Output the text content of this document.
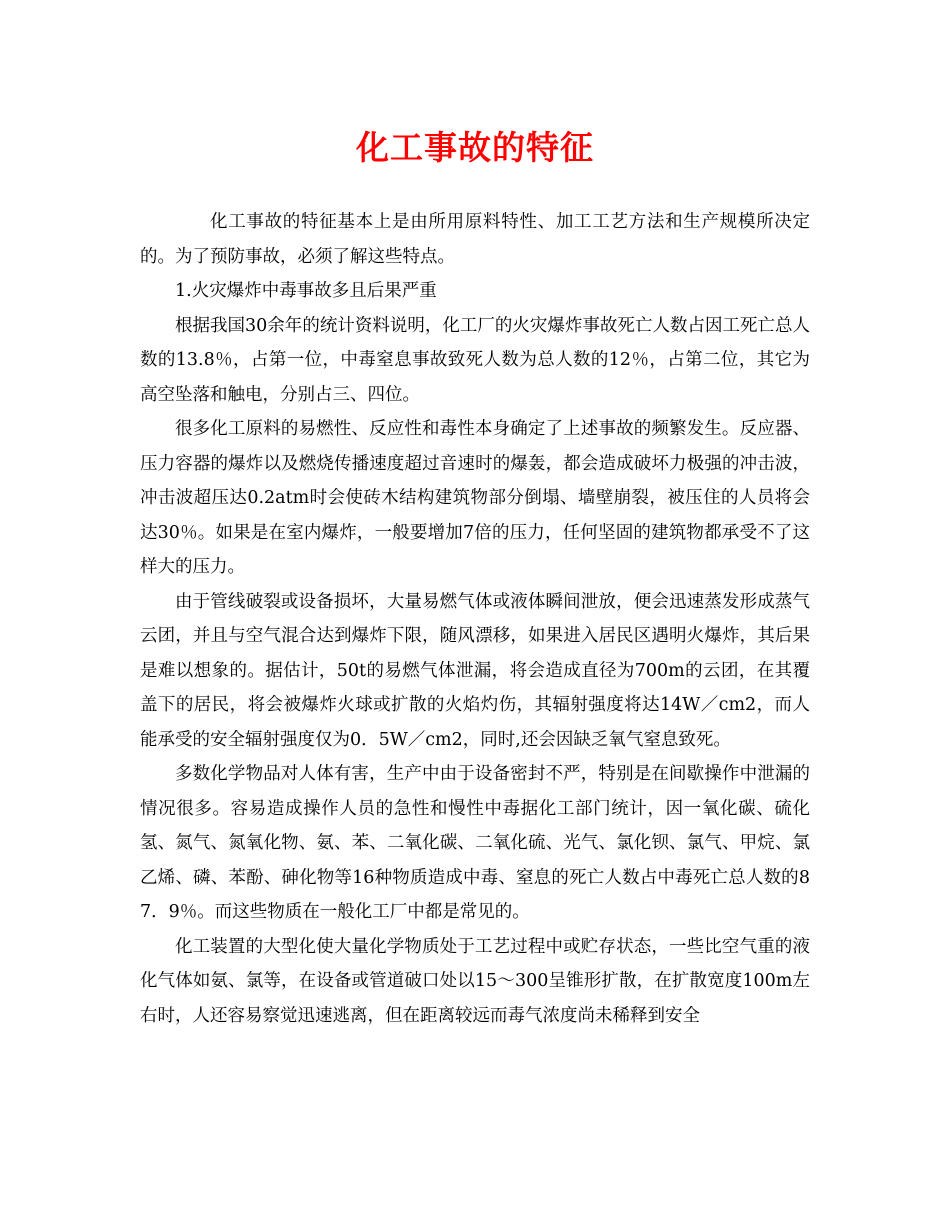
化工事故的特征

化工事故的特征基本上是由所用原料特性、加工工艺方法和生产规模所决定的。为了预防事故，必须了解这些特点。

1.火灾爆炸中毒事故多且后果严重

根据我国30余年的统计资料说明，化工厂的火灾爆炸事故死亡人数占因工死亡总人数的13.8％，占第一位，中毒窒息事故致死人数为总人数的12％，占第二位，其它为高空坠落和触电，分别占三、四位。

很多化工原料的易燃性、反应性和毒性本身确定了上述事故的频繁发生。反应器、压力容器的爆炸以及燃烧传播速度超过音速时的爆轰，都会造成破坏力极强的冲击波，冲击波超压达0.2atm时会使砖木结构建筑物部分倒塌、墙壁崩裂，被压住的人员将会达30％。如果是在室内爆炸，一般要增加7倍的压力，任何坚固的建筑物都承受不了这样大的压力。

由于管线破裂或设备损坏，大量易燃气体或液体瞬间泄放，便会迅速蒸发形成蒸气云团，并且与空气混合达到爆炸下限，随风漂移，如果进入居民区遇明火爆炸，其后果是难以想象的。据估计，50t的易燃气体泄漏，将会造成直径为700m的云团，在其覆盖下的居民，将会被爆炸火球或扩散的火焰灼伤，其辐射强度将达14W／cm2，而人能承受的安全辐射强度仅为0．5W／cm2，同时,还会因缺乏氧气窒息致死。

多数化学物品对人体有害，生产中由于设备密封不严，特别是在间歇操作中泄漏的情况很多。容易造成操作人员的急性和慢性中毒据化工部门统计，因一氧化碳、硫化氢、氮气、氮氧化物、氨、苯、二氧化碳、二氧化硫、光气、氯化钡、氯气、甲烷、氯乙烯、磷、苯酚、砷化物等16种物质造成中毒、窒息的死亡人数占中毒死亡总人数的87．9％。而这些物质在一般化工厂中都是常见的。

化工装置的大型化使大量化学物质处于工艺过程中或贮存状态，一些比空气重的液化气体如氨、氯等，在设备或管道破口处以15～300呈锥形扩散，在扩散宽度100m左右时，人还容易察觉迅速逃离，但在距离较远而毒气浓度尚未稀释到安全
